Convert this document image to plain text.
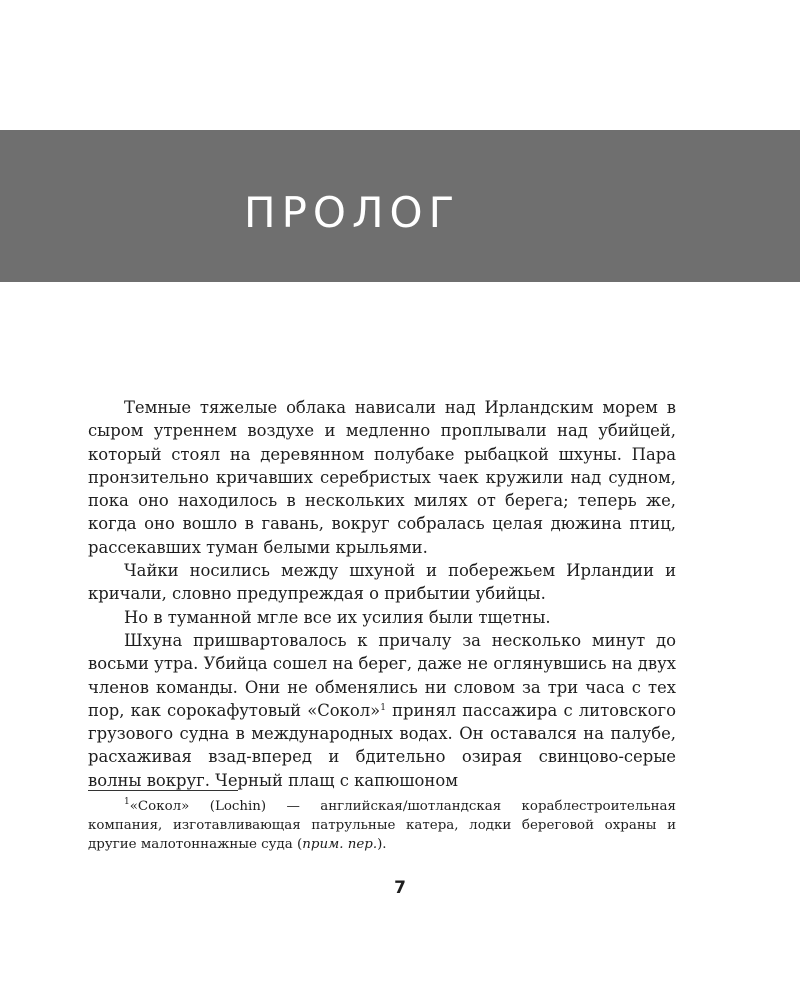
ПРОЛОГ

Темные тяжелые облака нависали над Ирландским морем в сыром утреннем воздухе и медленно проплывали над убийцей, который стоял на деревянном полубаке рыбацкой шхуны. Пара пронзительно кричавших серебристых чаек кружили над судном, пока оно находилось в нескольких милях от берега; теперь же, когда оно вошло в гавань, вокруг собралась целая дюжина птиц, рассекавших туман белыми крыльями.

Чайки носились между шхуной и побережьем Ирландии и кричали, словно предупреждая о прибытии убийцы.

Но в туманной мгле все их усилия были тщетны.

Шхуна пришвартовалось к причалу за несколько минут до восьми утра. Убийца сошел на берег, даже не оглянувшись на двух членов команды. Они не обменялись ни словом за три часа с тех пор, как сорокафутовый «Сокол»$^1$ принял пассажира с литовского грузового судна в международных водах. Он оставался на палубе, расхаживая взад-вперед и бдительно озирая свинцово-серые волны вокруг. Черный плащ с капюшоном

$^1$«Сокол» (Lochin) — английская/шотландская кораблестроительная компания, изготавливающая патрульные катера, лодки береговой охраны и другие малотоннажные суда (прим. пер.).

7
